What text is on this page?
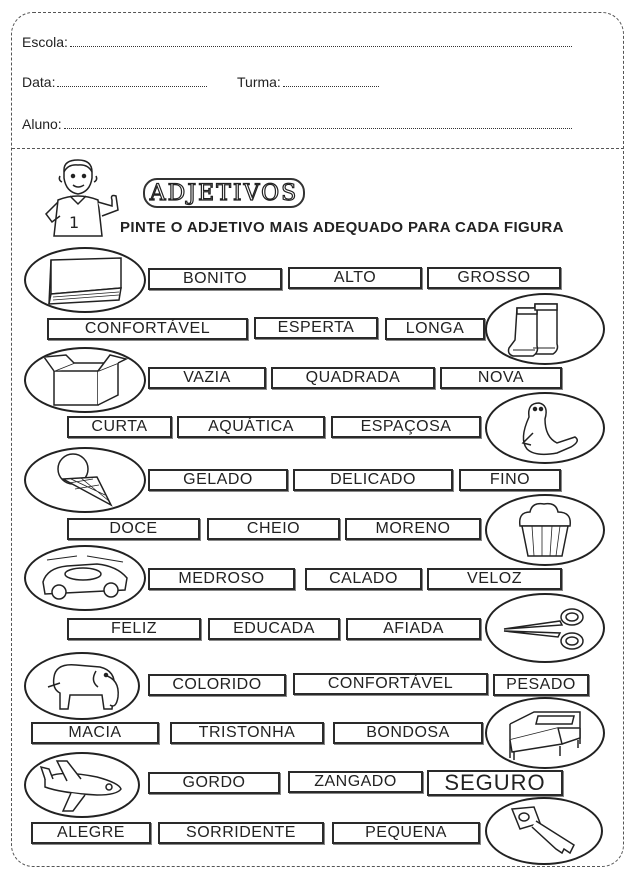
Escola:
Data:	Turma:
Aluno:
1
ADJETIVOS
PINTE O ADJETIVO MAIS ADEQUADO PARA CADA FIGURA
BONITO	ALTO	GROSSO
CONFORTÁVEL	ESPERTA	LONGA
VAZIA	QUADRADA	NOVA
CURTA	AQUÁTICA	ESPAÇOSA
GELADO	DELICADO	FINO
DOCE	CHEIO	MORENO
MEDROSO	CALADO	VELOZ
FELIZ	EDUCADA	AFIADA
COLORIDO	CONFORTÁVEL	PESADO
MACIA	TRISTONHA	BONDOSA
GORDO	ZANGADO	SEGURO
ALEGRE	SORRIDENTE	PEQUENA
